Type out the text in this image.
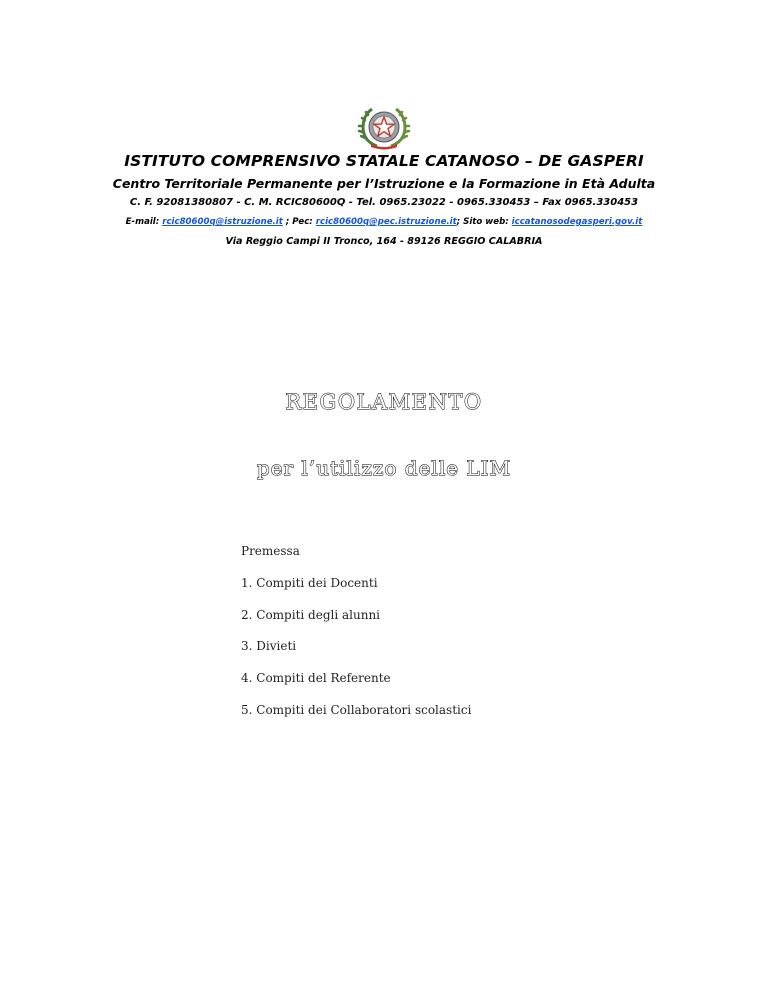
ISTITUTO COMPRENSIVO STATALE CATANOSO – DE GASPERI
Centro Territoriale Permanente per l’Istruzione e la Formazione in Età Adulta
C. F. 92081380807 - C. M. RCIC80600Q - Tel. 0965.23022 - 0965.330453 – Fax 0965.330453
E-mail: rcic80600q@istruzione.it ; Pec: rcic80600q@pec.istruzione.it; Sito web: iccatanosodegasperi.gov.it
Via Reggio Campi II Tronco, 164 - 89126 REGGIO CALABRIA
REGOLAMENTO
per l’utilizzo delle LIM
Premessa
1. Compiti dei Docenti
2. Compiti degli alunni
3. Divieti
4. Compiti del Referente
5. Compiti dei Collaboratori scolastici
